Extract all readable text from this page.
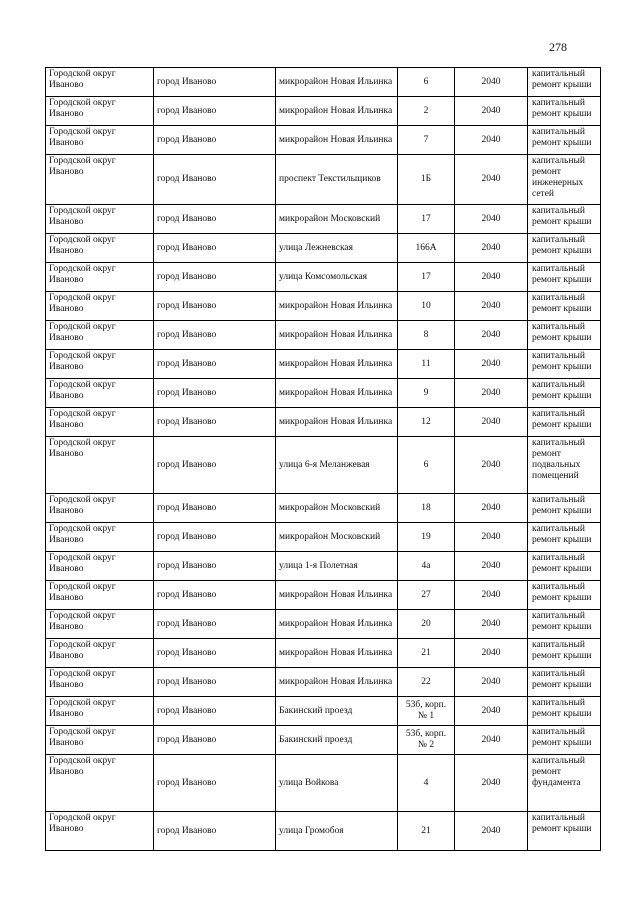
278
Городской округ Иваново	город Иваново	микрорайон Новая Ильинка	6	2040	капитальный ремонт крыши
Городской округ Иваново	город Иваново	микрорайон Новая Ильинка	2	2040	капитальный ремонт крыши
Городской округ Иваново	город Иваново	микрорайон Новая Ильинка	7	2040	капитальный ремонт крыши
Городской округ Иваново	город Иваново	проспект Текстильщиков	1Б	2040	капитальный ремонт инженерных сетей
Городской округ Иваново	город Иваново	микрорайон Московский	17	2040	капитальный ремонт крыши
Городской округ Иваново	город Иваново	улица Лежневская	166А	2040	капитальный ремонт крыши
Городской округ Иваново	город Иваново	улица Комсомольская	17	2040	капитальный ремонт крыши
Городской округ Иваново	город Иваново	микрорайон Новая Ильинка	10	2040	капитальный ремонт крыши
Городской округ Иваново	город Иваново	микрорайон Новая Ильинка	8	2040	капитальный ремонт крыши
Городской округ Иваново	город Иваново	микрорайон Новая Ильинка	11	2040	капитальный ремонт крыши
Городской округ Иваново	город Иваново	микрорайон Новая Ильинка	9	2040	капитальный ремонт крыши
Городской округ Иваново	город Иваново	микрорайон Новая Ильинка	12	2040	капитальный ремонт крыши
Городской округ Иваново	город Иваново	улица 6-я Меланжевая	6	2040	капитальный ремонт подвальных помещений
Городской округ Иваново	город Иваново	микрорайон Московский	18	2040	капитальный ремонт крыши
Городской округ Иваново	город Иваново	микрорайон Московский	19	2040	капитальный ремонт крыши
Городской округ Иваново	город Иваново	улица 1-я Полетная	4а	2040	капитальный ремонт крыши
Городской округ Иваново	город Иваново	микрорайон Новая Ильинка	27	2040	капитальный ремонт крыши
Городской округ Иваново	город Иваново	микрорайон Новая Ильинка	20	2040	капитальный ремонт крыши
Городской округ Иваново	город Иваново	микрорайон Новая Ильинка	21	2040	капитальный ремонт крыши
Городской округ Иваново	город Иваново	микрорайон Новая Ильинка	22	2040	капитальный ремонт крыши
Городской округ Иваново	город Иваново	Бакинский проезд	53б, корп. № 1	2040	капитальный ремонт крыши
Городской округ Иваново	город Иваново	Бакинский проезд	53б, корп. № 2	2040	капитальный ремонт крыши
Городской округ Иваново	город Иваново	улица Войкова	4	2040	капитальный ремонт фундамента
Городской округ Иваново	город Иваново	улица Громобоя	21	2040	капитальный ремонт крыши
